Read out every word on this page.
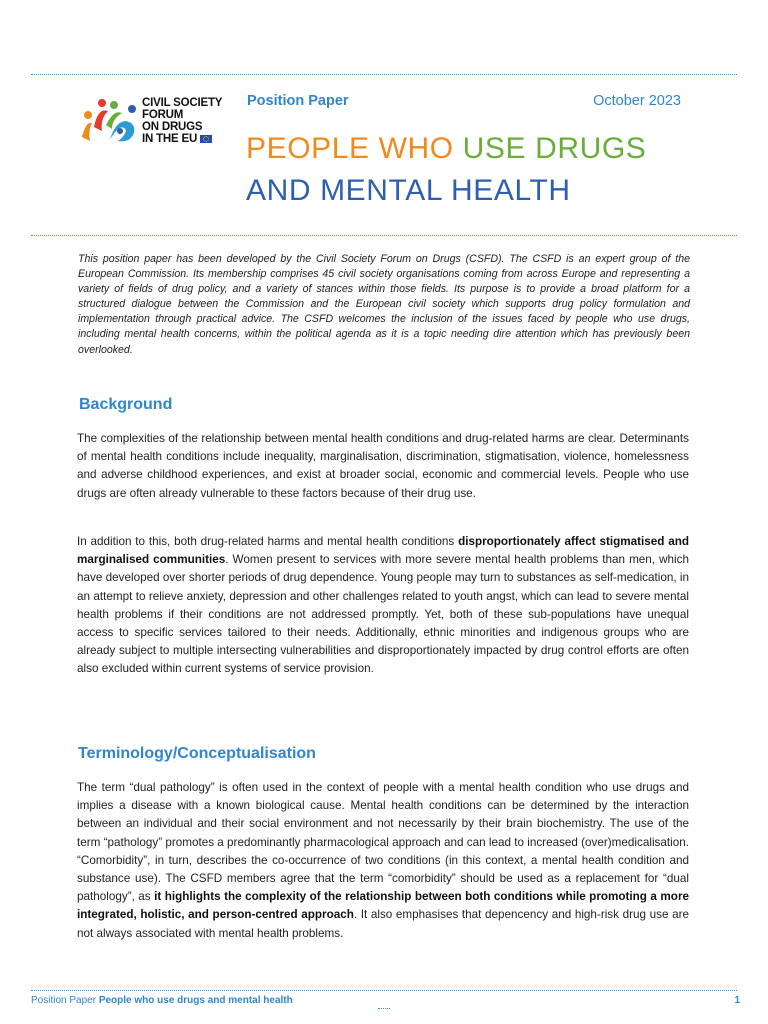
CIVIL SOCIETY
FORUM
ON DRUGS
IN THE EU
Position Paper	October 2023
PEOPLE WHO USE DRUGS
AND MENTAL HEALTH

This position paper has been developed by the Civil Society Forum on Drugs (CSFD). The CSFD is an expert group of the European Commission. Its membership comprises 45 civil society organisations coming from across Europe and representing a variety of fields of drug policy, and a variety of stances within those fields. Its purpose is to provide a broad platform for a structured dialogue between the Commission and the European civil society which supports drug policy formulation and implementation through practical advice. The CSFD welcomes the inclusion of the issues faced by people who use drugs, including mental health concerns, within the political agenda as it is a topic needing dire attention which has previously been overlooked.

Background

The complexities of the relationship between mental health conditions and drug-related harms are clear. Determinants of mental health conditions include inequality, marginalisation, discrimination, stigmatisation, violence, homelessness and adverse childhood experiences, and exist at broader social, economic and commercial levels. People who use drugs are often already vulnerable to these factors because of their drug use.

In addition to this, both drug-related harms and mental health conditions disproportionately affect stigmatised and marginalised communities. Women present to services with more severe mental health problems than men, which have developed over shorter periods of drug dependence. Young people may turn to substances as self-medication, in an attempt to relieve anxiety, depression and other challenges related to youth angst, which can lead to severe mental health problems if their conditions are not addressed promptly. Yet, both of these sub-populations have unequal access to specific services tailored to their needs. Additionally, ethnic minorities and indigenous groups who are already subject to multiple intersecting vulnerabilities and disproportionately impacted by drug control efforts are often also excluded within current systems of service provision.

Terminology/Conceptualisation

The term “dual pathology” is often used in the context of people with a mental health condition who use drugs and implies a disease with a known biological cause. Mental health conditions can be determined by the interaction between an individual and their social environment and not necessarily by their brain biochemistry. The use of the term “pathology” promotes a predominantly pharmacological approach and can lead to increased (over)medicalisation. “Comorbidity”, in turn, describes the co-occurrence of two conditions (in this context, a mental health condition and substance use). The CSFD members agree that the term “comorbidity” should be used as a replacement for “dual pathology”, as it highlights the complexity of the relationship between both conditions while promoting a more integrated, holistic, and person-centred approach. It also emphasises that depencency and high-risk drug use are not always associated with mental health problems.

Position Paper People who use drugs and mental health	1
